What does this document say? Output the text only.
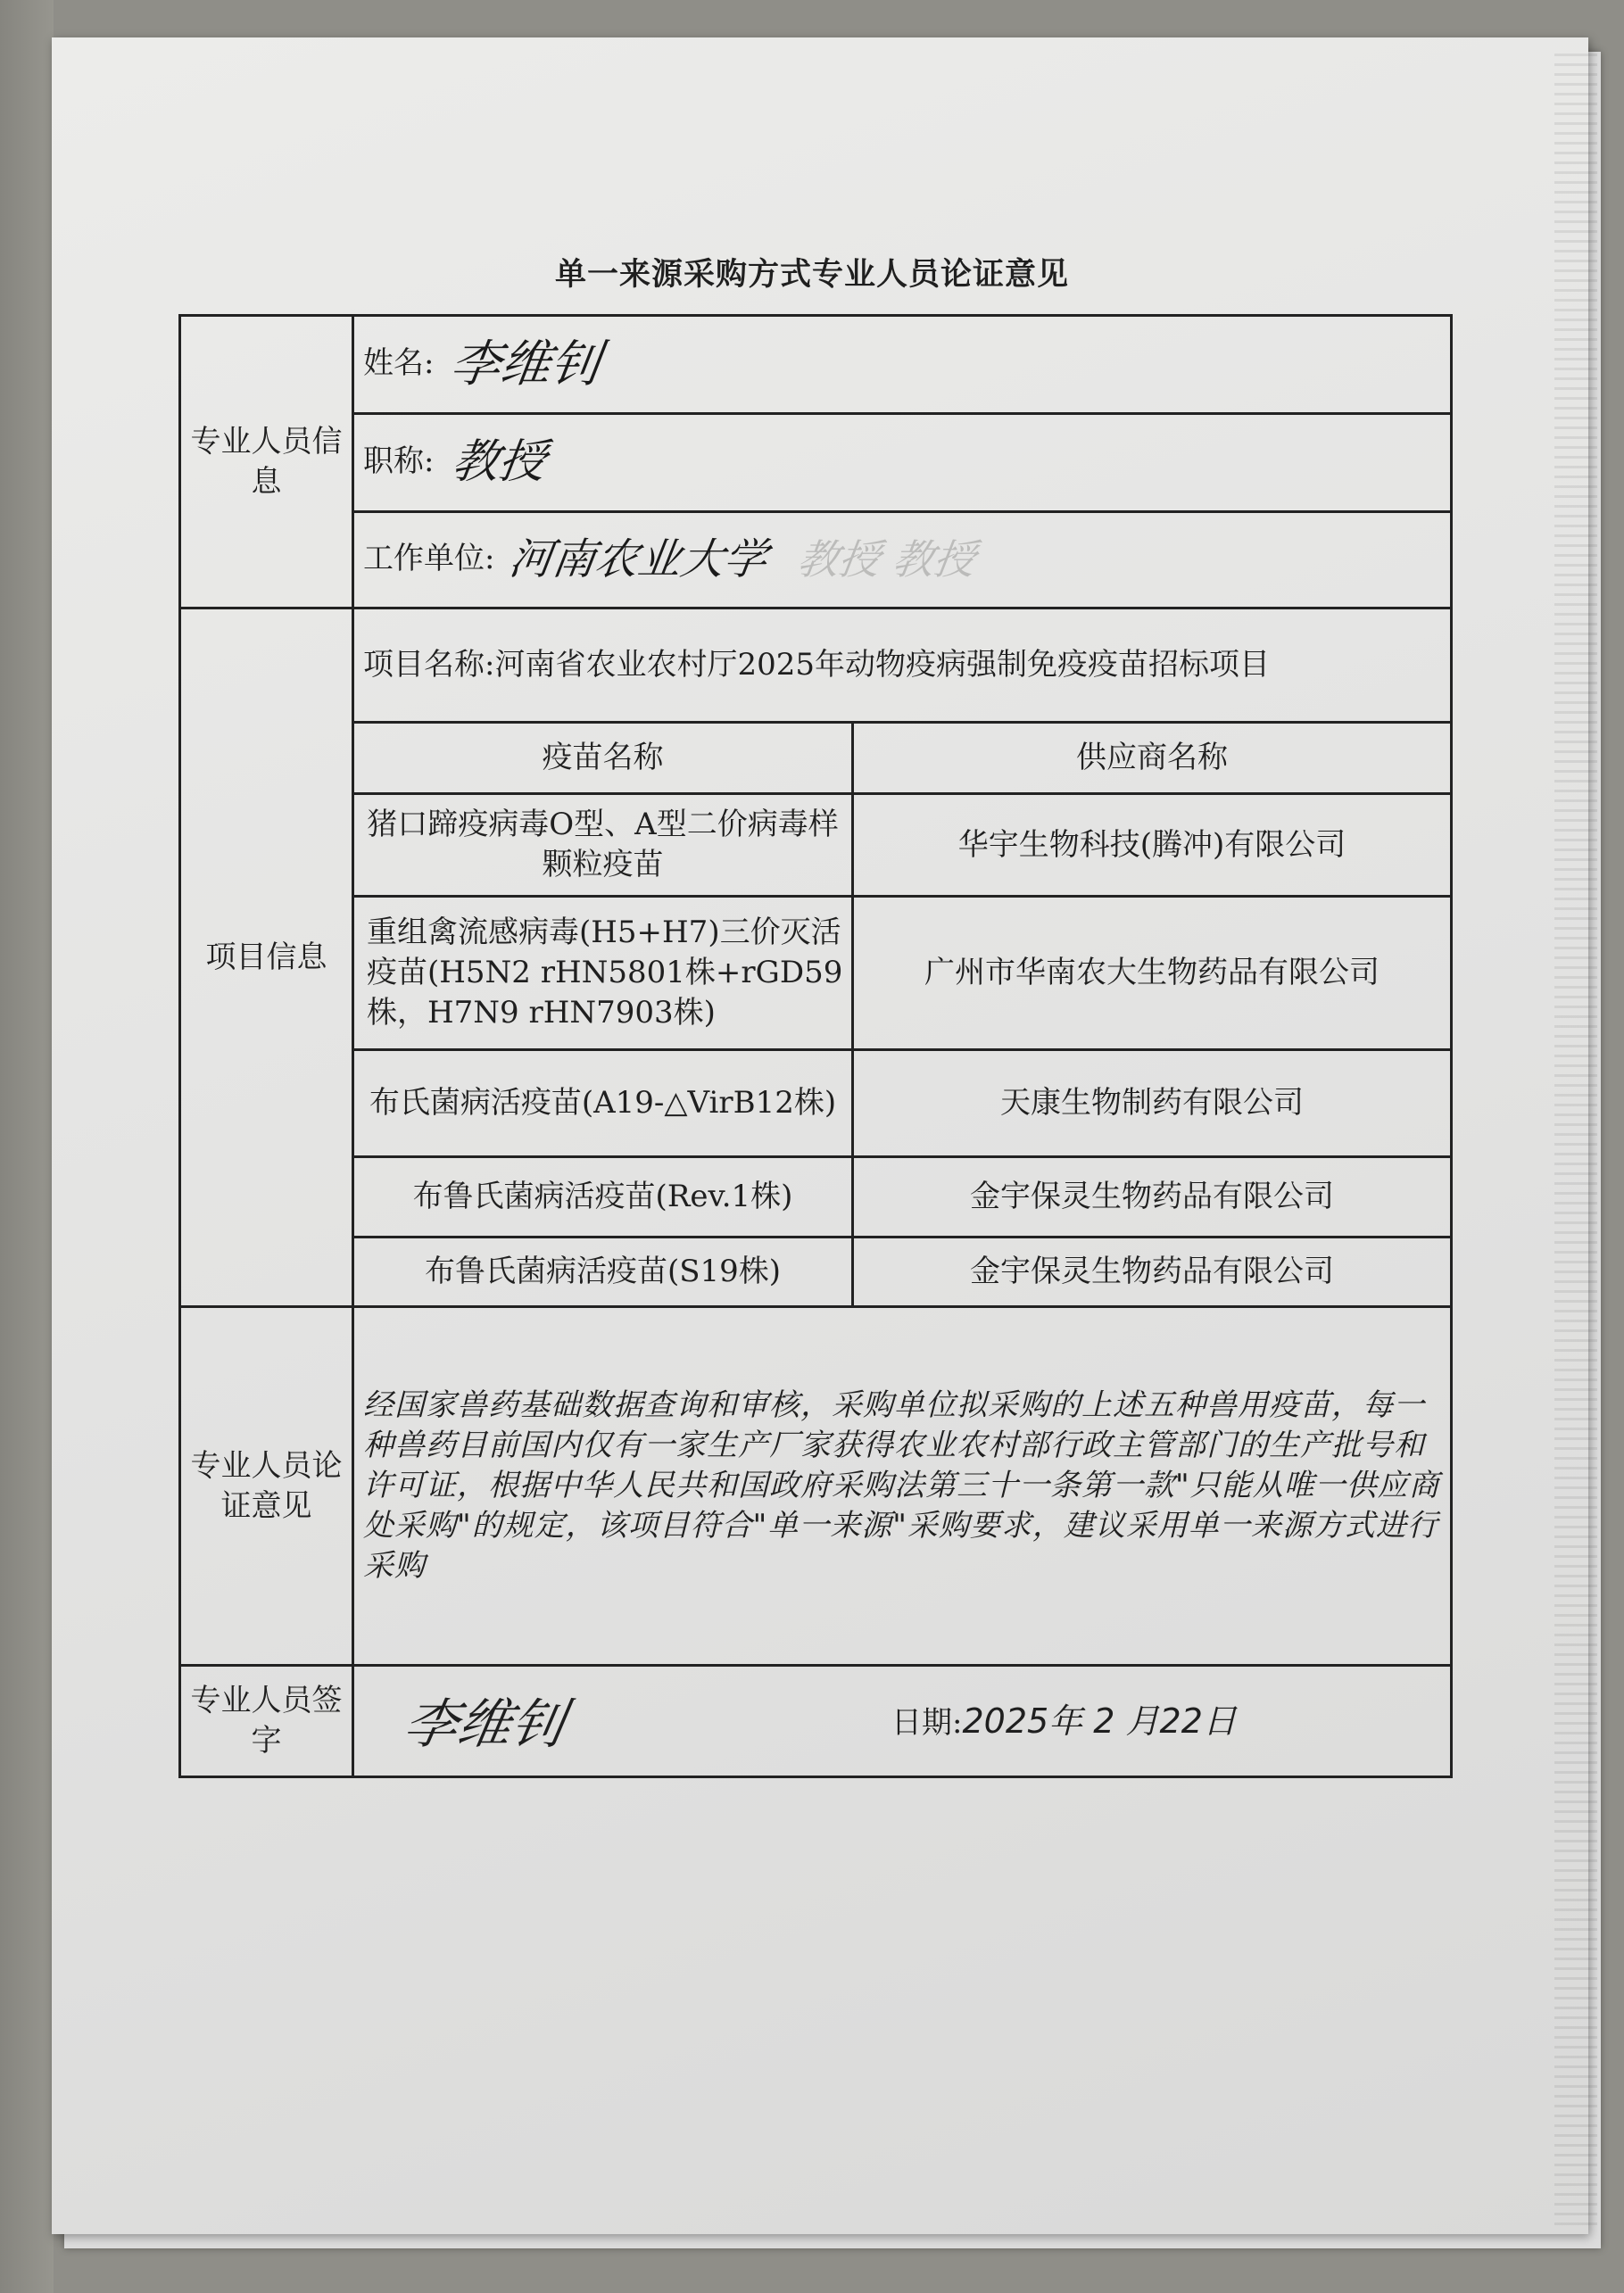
单一来源采购方式专业人员论证意见
专业人员信息	姓名: 李维钊	
	职称: 教授	
	工作单位: 河南农业大学 教授 教授	
项目信息	项目名称:河南省农业农村厅2025年动物疫病强制免疫疫苗招标项目	
	疫苗名称	供应商名称
	猪口蹄疫病毒O型、A型二价病毒样颗粒疫苗	华宇生物科技(腾冲)有限公司
	重组禽流感病毒(H5+H7)三价灭活疫苗(H5N2 rHN5801株+rGD59株，H7N9 rHN7903株)	广州市华南农大生物药品有限公司
	布氏菌病活疫苗(A19-△VirB12株)	天康生物制药有限公司
	布鲁氏菌病活疫苗(Rev.1株)	金宇保灵生物药品有限公司
	布鲁氏菌病活疫苗(S19株)	金宇保灵生物药品有限公司
专业人员论证意见	经国家兽药基础数据查询和审核，采购单位拟采购的上述五种兽用疫苗，每一种兽药目前国内仅有一家生产厂家获得农业农村部行政主管部门的生产批号和许可证，根据中华人民共和国政府采购法第三十一条第一款"只能从唯一供应商处采购"的规定，该项目符合"单一来源"采购要求，建议采用单一来源方式进行采购	
专业人员签字	李维钊 日期:2025年 2 月22日	
